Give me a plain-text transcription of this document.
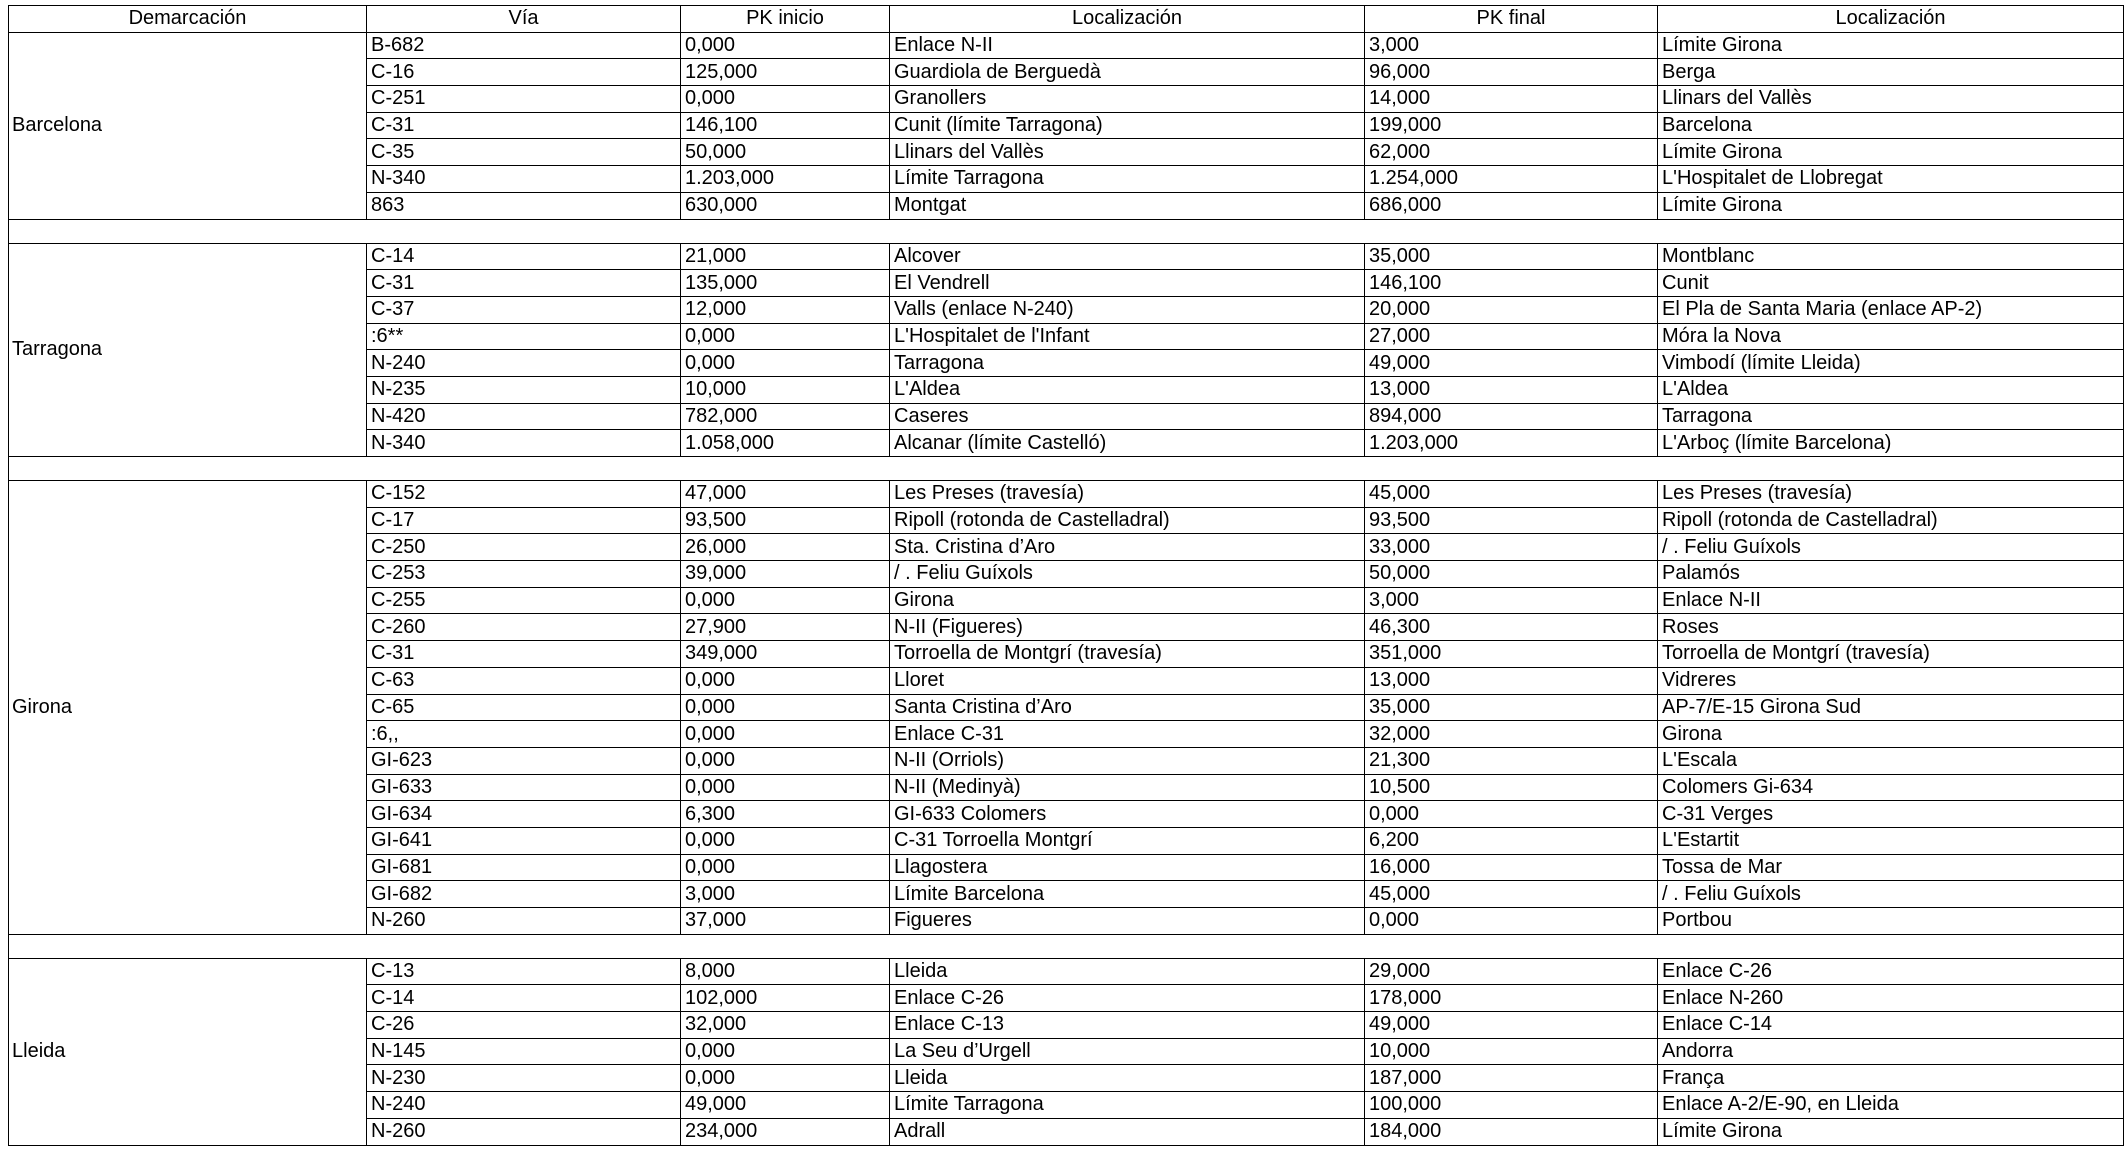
Demarcación	Vía	PK inicio	Localización	PK final	Localización
Barcelona	B-682	0,000	Enlace N-II	3,000	Límite Girona
	C-16	125,000	Guardiola de Berguedà	96,000	Berga
	C-251	0,000	Granollers	14,000	Llinars del Vallès
	C-31	146,100	Cunit (límite Tarragona)	199,000	Barcelona
	C-35	50,000	Llinars del Vallès	62,000	Límite Girona
	N-340	1.203,000	Límite Tarragona	1.254,000	L'Hospitalet de Llobregat
	863	630,000	Montgat	686,000	Límite Girona

Tarragona	C-14	21,000	Alcover	35,000	Montblanc
	C-31	135,000	El Vendrell	146,100	Cunit
	C-37	12,000	Valls (enlace N-240)	20,000	El Pla de Santa Maria (enlace AP-2)
	:6**	0,000	L'Hospitalet de l'Infant	27,000	Móra la Nova
	N-240	0,000	Tarragona	49,000	Vimbodí (límite Lleida)
	N-235	10,000	L'Aldea	13,000	L'Aldea
	N-420	782,000	Caseres	894,000	Tarragona
	N-340	1.058,000	Alcanar (límite Castelló)	1.203,000	L'Arboç (límite Barcelona)

Girona	C-152	47,000	Les Preses (travesía)	45,000	Les Preses (travesía)
	C-17	93,500	Ripoll (rotonda de Castelladral)	93,500	Ripoll (rotonda de Castelladral)
	C-250	26,000	Sta. Cristina d’Aro	33,000	/ . Feliu Guíxols
	C-253	39,000	/ . Feliu Guíxols	50,000	Palamós
	C-255	0,000	Girona	3,000	Enlace N-II
	C-260	27,900	N-II (Figueres)	46,300	Roses
	C-31	349,000	Torroella de Montgrí (travesía)	351,000	Torroella de Montgrí (travesía)
	C-63	0,000	Lloret	13,000	Vidreres
	C-65	0,000	Santa Cristina d’Aro	35,000	AP-7/E-15 Girona Sud
	:6,,	0,000	Enlace C-31	32,000	Girona
	GI-623	0,000	N-II (Orriols)	21,300	L'Escala
	GI-633	0,000	N-II (Medinyà)	10,500	Colomers Gi-634
	GI-634	6,300	GI-633 Colomers	0,000	C-31 Verges
	GI-641	0,000	C-31 Torroella Montgrí	6,200	L'Estartit
	GI-681	0,000	Llagostera	16,000	Tossa de Mar
	GI-682	3,000	Límite Barcelona	45,000	/ . Feliu Guíxols
	N-260	37,000	Figueres	0,000	Portbou

Lleida	C-13	8,000	Lleida	29,000	Enlace C-26
	C-14	102,000	Enlace C-26	178,000	Enlace N-260
	C-26	32,000	Enlace C-13	49,000	Enlace C-14
	N-145	0,000	La Seu d’Urgell	10,000	Andorra
	N-230	0,000	Lleida	187,000	França
	N-240	49,000	Límite Tarragona	100,000	Enlace A-2/E-90, en Lleida
	N-260	234,000	Adrall	184,000	Límite Girona
